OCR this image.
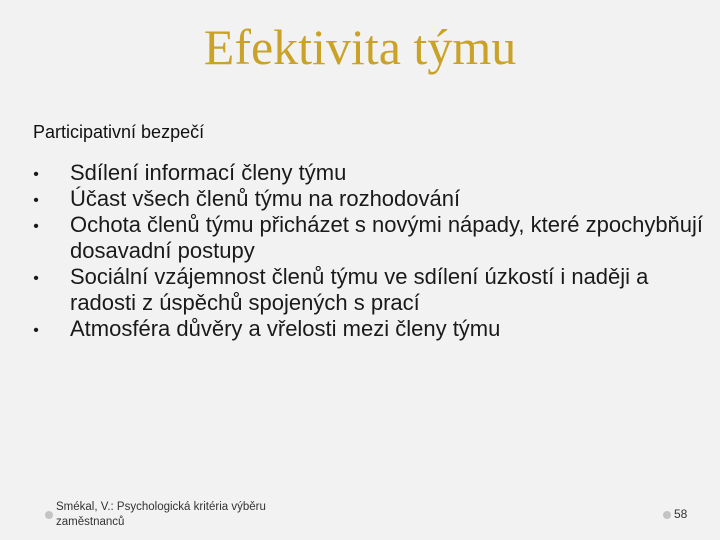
Efektivita týmu
Participativní bezpečí
• Sdílení informací členy týmu
• Účast všech členů týmu na rozhodování
• Ochota členů týmu přicházet s novými nápady, které zpochybňují dosavadní postupy
• Sociální vzájemnost členů týmu ve sdílení úzkostí i naději a radosti z úspěchů spojených s prací
• Atmosféra důvěry a vřelosti mezi členy týmu
Smékal, V.: Psychologická kritéria výběru zaměstnanců
58
